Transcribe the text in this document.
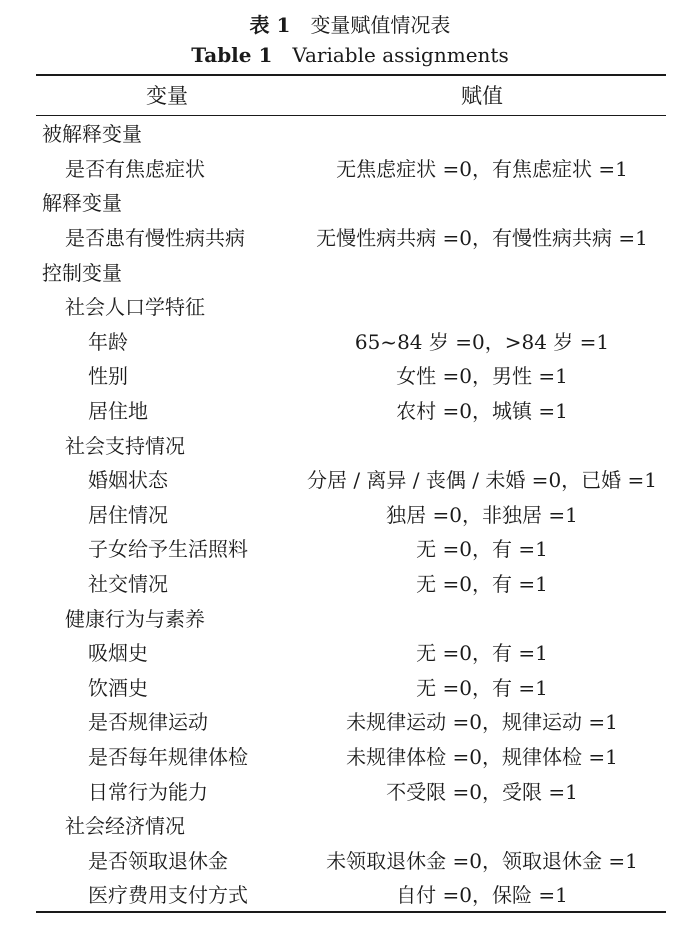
表 1 变量赋值情况表
Table 1 Variable assignments
变量	赋值
被解释变量	
是否有焦虑症状	无焦虑症状 =0，有焦虑症状 =1
解释变量	
是否患有慢性病共病	无慢性病共病 =0，有慢性病共病 =1
控制变量	
社会人口学特征	
年龄	65~84 岁 =0，>84 岁 =1
性别	女性 =0，男性 =1
居住地	农村 =0，城镇 =1
社会支持情况	
婚姻状态	分居 / 离异 / 丧偶 / 未婚 =0，已婚 =1
居住情况	独居 =0，非独居 =1
子女给予生活照料	无 =0，有 =1
社交情况	无 =0，有 =1
健康行为与素养	
吸烟史	无 =0，有 =1
饮酒史	无 =0，有 =1
是否规律运动	未规律运动 =0，规律运动 =1
是否每年规律体检	未规律体检 =0，规律体检 =1
日常行为能力	不受限 =0，受限 =1
社会经济情况	
是否领取退休金	未领取退休金 =0，领取退休金 =1
医疗费用支付方式	自付 =0，保险 =1
